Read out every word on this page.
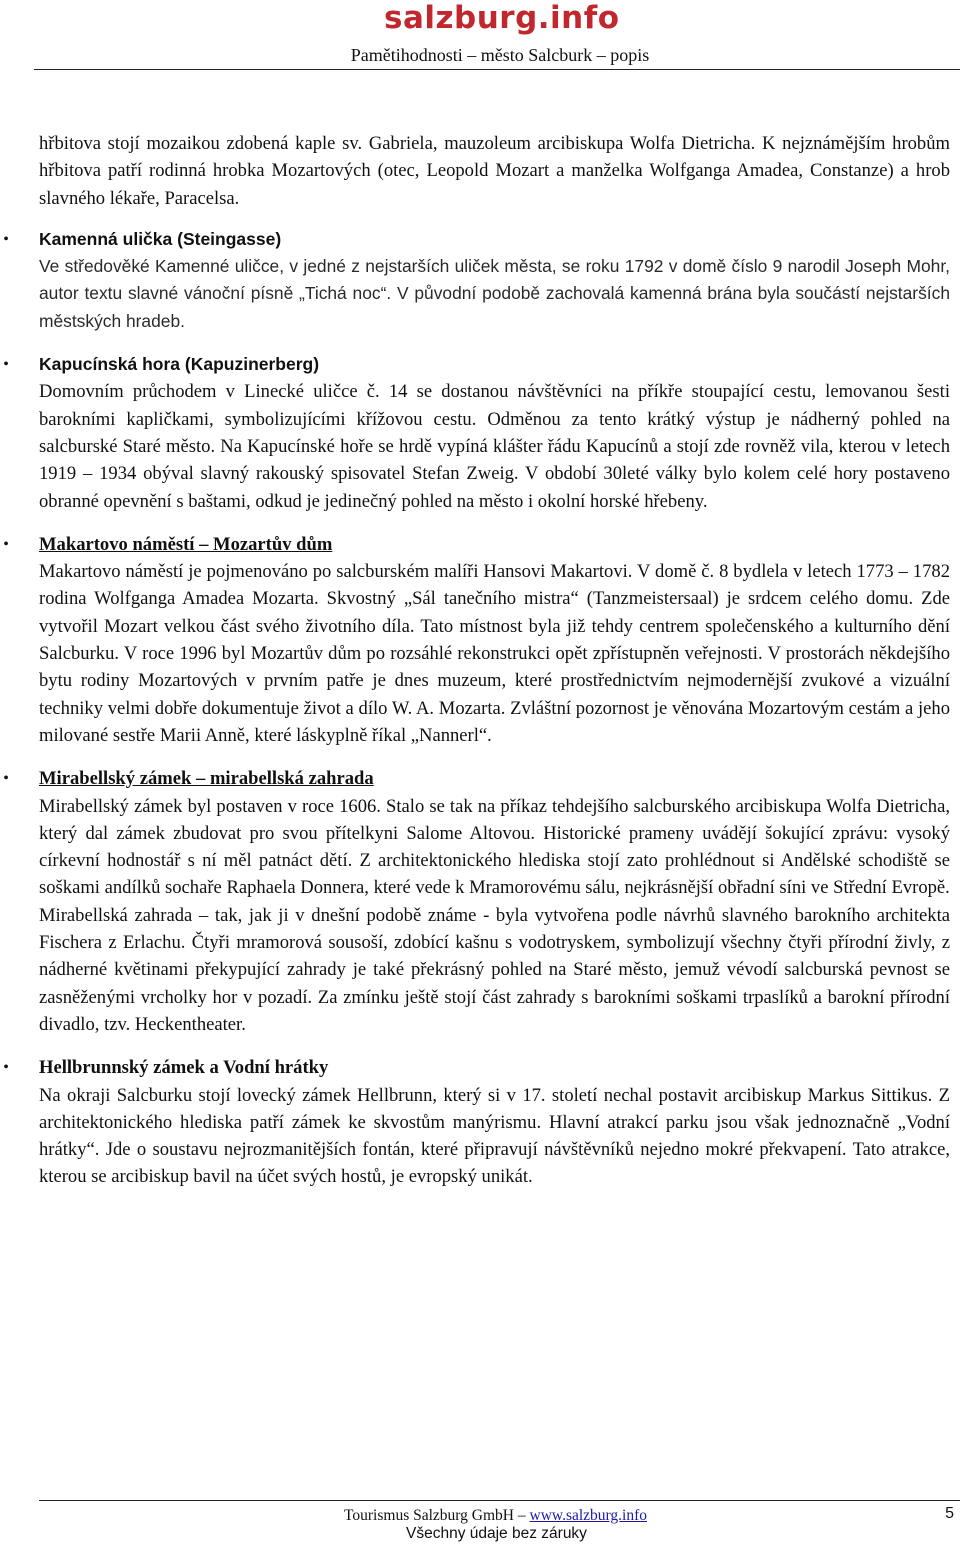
salzburg.info
Pamětihodnosti – město Salcburk – popis

hřbitova stojí mozaikou zdobená kaple sv. Gabriela, mauzoleum arcibiskupa Wolfa Dietricha. K nejznámějším hrobům hřbitova patří rodinná hrobka Mozartových (otec, Leopold Mozart a manželka Wolfganga Amadea, Constanze) a hrob slavného lékaře, Paracelsa.

• Kamenná ulička (Steingasse)

Ve středověké Kamenné uličce, v jedné z nejstarších uliček města, se roku 1792 v domě číslo 9 narodil Joseph Mohr, autor textu slavné vánoční písně „Tichá noc“. V původní podobě zachovalá kamenná brána byla součástí nejstarších městských hradeb.

• Kapucínská hora (Kapuzinerberg)

Domovním průchodem v Linecké uličce č. 14 se dostanou návštěvníci na příkře stoupající cestu, lemovanou šesti barokními kapličkami, symbolizujícími křížovou cestu. Odměnou za tento krátký výstup je nádherný pohled na salcburské Staré město. Na Kapucínské hoře se hrdě vypíná klášter řádu Kapucínů a stojí zde rovněž vila, kterou v letech 1919 – 1934 obýval slavný rakouský spisovatel Stefan Zweig. V období 30leté války bylo kolem celé hory postaveno obranné opevnění s baštami, odkud je jedinečný pohled na město i okolní horské hřebeny.

• Makartovo náměstí – Mozartův dům

Makartovo náměstí je pojmenováno po salcburském malíři Hansovi Makartovi. V domě č. 8 bydlela v letech 1773 – 1782 rodina Wolfganga Amadea Mozarta. Skvostný „Sál tanečního mistra“ (Tanzmeistersaal) je srdcem celého domu. Zde vytvořil Mozart velkou část svého životního díla. Tato místnost byla již tehdy centrem společenského a kulturního dění Salcburku. V roce 1996 byl Mozartův dům po rozsáhlé rekonstrukci opět zpřístupněn veřejnosti. V prostorách někdejšího bytu rodiny Mozartových v prvním patře je dnes muzeum, které prostřednictvím nejmodernější zvukové a vizuální techniky velmi dobře dokumentuje život a dílo W. A. Mozarta. Zvláštní pozornost je věnována Mozartovým cestám a jeho milované sestře Marii Anně, které láskyplně říkal „Nannerl“.

• Mirabellský zámek – mirabellská zahrada

Mirabellský zámek byl postaven v roce 1606. Stalo se tak na příkaz tehdejšího salcburského arcibiskupa Wolfa Dietricha, který dal zámek zbudovat pro svou přítelkyni Salome Altovou. Historické prameny uvádějí šokující zprávu: vysoký církevní hodnostář s ní měl patnáct dětí. Z architektonického hlediska stojí zato prohlédnout si Andělské schodiště se soškami andílků sochaře Raphaela Donnera, které vede k Mramorovému sálu, nejkrásnější obřadní síni ve Střední Evropě.

Mirabellská zahrada – tak, jak ji v dnešní podobě známe - byla vytvořena podle návrhů slavného barokního architekta Fischera z Erlachu. Čtyři mramorová sousoší, zdobící kašnu s vodotryskem, symbolizují všechny čtyři přírodní živly, z nádherné květinami překypující zahrady je také překrásný pohled na Staré město, jemuž vévodí salcburská pevnost se zasněženými vrcholky hor v pozadí. Za zmínku ještě stojí část zahrady s barokními soškami trpaslíků a barokní přírodní divadlo, tzv. Heckentheater.

• Hellbrunnský zámek a Vodní hrátky

Na okraji Salcburku stojí lovecký zámek Hellbrunn, který si v 17. století nechal postavit arcibiskup Markus Sittikus. Z architektonického hlediska patří zámek ke skvostům manýrismu. Hlavní atrakcí parku jsou však jednoznačně „Vodní hrátky“. Jde o soustavu nejrozmanitějších fontán, které připravují návštěvníků nejedno mokré překvapení. Tato atrakce, kterou se arcibiskup bavil na účet svých hostů, je evropský unikát.

Tourismus Salzburg GmbH – www.salzburg.info	5
Všechny údaje bez záruky
